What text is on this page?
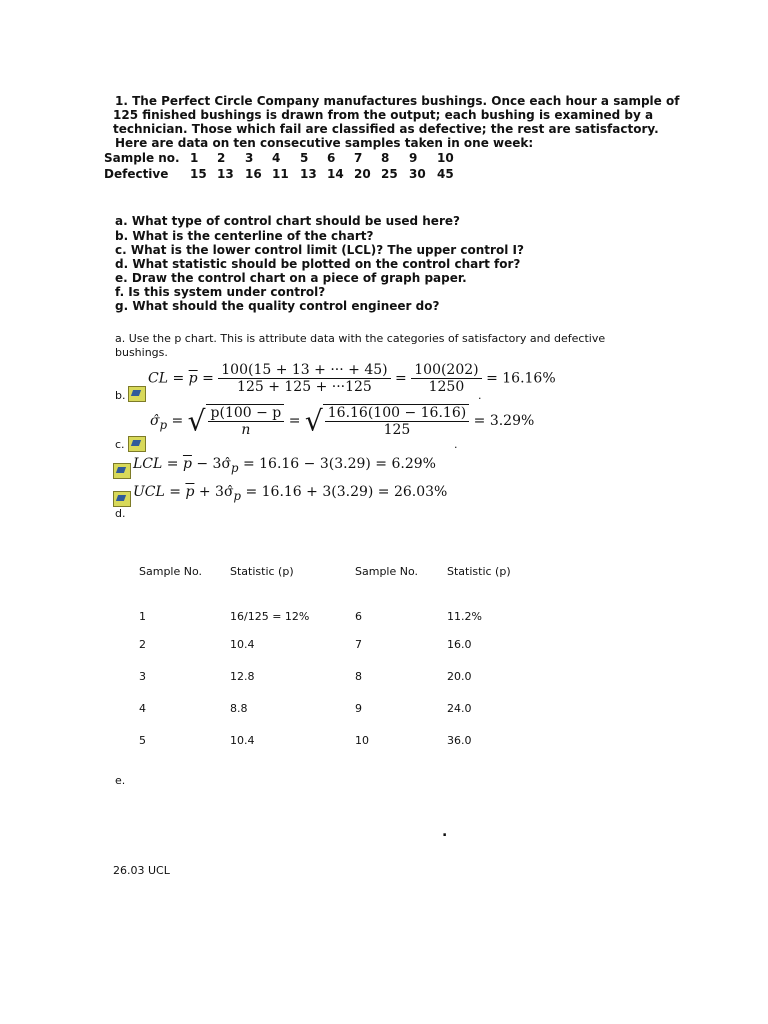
1. The Perfect Circle Company manufactures bushings. Once each hour a sample of
125 finished bushings is drawn from the output; each bushing is examined by a
technician. Those which fail are classified as defective; the rest are satisfactory.
Here are data on ten consecutive samples taken in one week:
Sample no. 1 2 3 4 5 6 7 8 9 10
Defective 15 13 16 11 13 14 20 25 30 45
a. What type of control chart should be used here?
b. What is the centerline of the chart?
c. What is the lower control limit (LCL)? The upper control I?
d. What statistic should be plotted on the control chart for?
e. Draw the control chart on a piece of graph paper.
f. Is this system under control?
g. What should the quality control engineer do?
a. Use the p chart. This is attribute data with the categories of satisfactory and defective
bushings.
b.
CL = $\overline{p} = \frac{100(15 + 13 + \cdot\cdot\cdot + 45)}{125 + 125 + \cdot\cdot\cdot 125} = \frac{100(202)}{1250} = 16.16\%$
.
c.
$\sigmâ_p$ = √ $\frac{p(100 - p}{n}$ = √ $\frac{16.16(100 - 16.16)}{125} = 3.29\%$
.
LCL = $\overline{p}$ − $3\sigmâ_p = 16.16 - 3(3.29) = 6.29\%$
UCL = $\overline{p}$ + $3\sigmâ_p = 16.16 + 3(3.29) = 26.03\%$
d.
Sample No.	Statistic (p)	Sample No.	Statistic (p)
1	16/125 = 12%	6	11.2%
2	10.4	7	16.0
3	12.8	8	20.0
4	8.8	9	24.0
5	10.4	10	36.0
e.
.
26.03 UCL
